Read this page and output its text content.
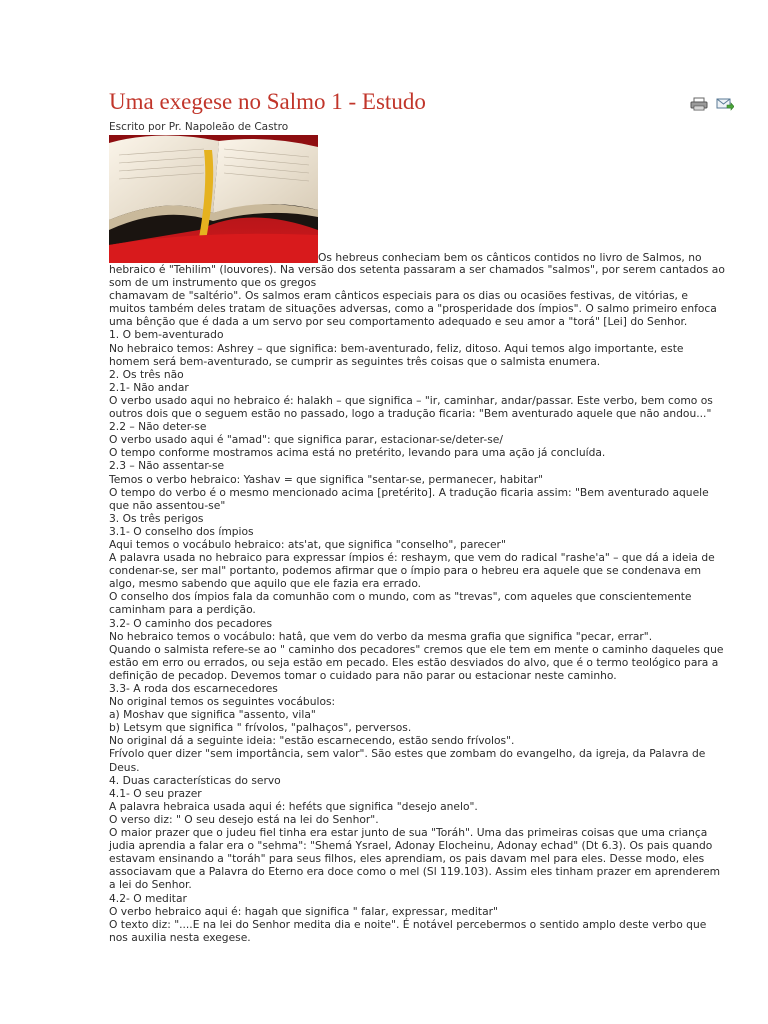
Uma exegese no Salmo 1 - Estudo
Escrito por Pr. Napoleão de Castro
Os hebreus conheciam bem os cânticos contidos no livro de Salmos, no

hebraico é "Tehilim" (louvores). Na versão dos setenta passaram a ser chamados "salmos", por serem cantados ao som de um instrumento que os gregos

chamavam de "saltério". Os salmos eram cânticos especiais para os dias ou ocasiões festivas, de vitórias, e muitos também deles tratam de situações adversas, como a "prosperidade dos ímpios". O salmo primeiro enfoca uma bênção que é dada a um servo por seu comportamento adequado e seu amor a "torá" [Lei] do Senhor.

1. O bem-aventurado

No hebraico temos: Ashrey – que significa: bem-aventurado, feliz, ditoso. Aqui temos algo importante, este homem será bem-aventurado, se cumprir as seguintes três coisas que o salmista enumera.

2. Os três não

2.1- Não andar

O verbo usado aqui no hebraico é: halakh – que significa – "ir, caminhar, andar/passar. Este verbo, bem como os outros dois que o seguem estão no passado, logo a tradução ficaria: "Bem aventurado aquele que não andou..."

2.2 – Não deter-se

O verbo usado aqui é "amad": que significa parar, estacionar-se/deter-se/

O tempo conforme mostramos acima está no pretérito, levando para uma ação já concluída.

2.3 – Não assentar-se

Temos o verbo hebraico: Yashav = que significa "sentar-se, permanecer, habitar"

O tempo do verbo é o mesmo mencionado acima [pretérito]. A tradução ficaria assim: "Bem aventurado aquele que não assentou-se"

3. Os três perigos

3.1- O conselho dos ímpios

Aqui temos o vocábulo hebraico: ats'at, que significa "conselho", parecer"

A palavra usada no hebraico para expressar ímpios é: reshaym, que vem do radical "rashe'a" – que dá a ideia de condenar-se, ser mal" portanto, podemos afirmar que o ímpio para o hebreu era aquele que se condenava em algo, mesmo sabendo que aquilo que ele fazia era errado.

O conselho dos ímpios fala da comunhão com o mundo, com as "trevas", com aqueles que conscientemente caminham para a perdição.

3.2- O caminho dos pecadores

No hebraico temos o vocábulo: hatâ, que vem do verbo da mesma grafia que significa "pecar, errar".

Quando o salmista refere-se ao " caminho dos pecadores" cremos que ele tem em mente o caminho daqueles que estão em erro ou errados, ou seja estão em pecado. Eles estão desviados do alvo, que é o termo teológico para a definição de pecadop. Devemos tomar o cuidado para não parar ou estacionar neste caminho.

3.3- A roda dos escarnecedores

No original temos os seguintes vocábulos:

a) Moshav que significa "assento, vila"

b) Letsym que significa " frívolos, "palhaços", perversos.

No original dá a seguinte ideia: "estão escarnecendo, estão sendo frívolos".

Frívolo quer dizer "sem importância, sem valor". São estes que zombam do evangelho, da igreja, da Palavra de Deus.

4. Duas características do servo

4.1- O seu prazer

A palavra hebraica usada aqui é: heféts que significa "desejo anelo".

O verso diz: " O seu desejo está na lei do Senhor".

O maior prazer que o judeu fiel tinha era estar junto de sua "Toráh". Uma das primeiras coisas que uma criança judia aprendia a falar era o "sehma": "Shemá Ysrael, Adonay Elocheinu, Adonay echad" (Dt 6.3). Os pais quando estavam ensinando a "toráh" para seus filhos, eles aprendiam, os pais davam mel para eles. Desse modo, eles associavam que a Palavra do Eterno era doce como o mel (Sl 119.103). Assim eles tinham prazer em aprenderem a lei do Senhor.

4.2- O meditar

O verbo hebraico aqui é: hagah que significa " falar, expressar, meditar"

O texto diz: "....E na lei do Senhor medita dia e noite". É notável percebermos o sentido amplo deste verbo que nos auxilia nesta exegese.
